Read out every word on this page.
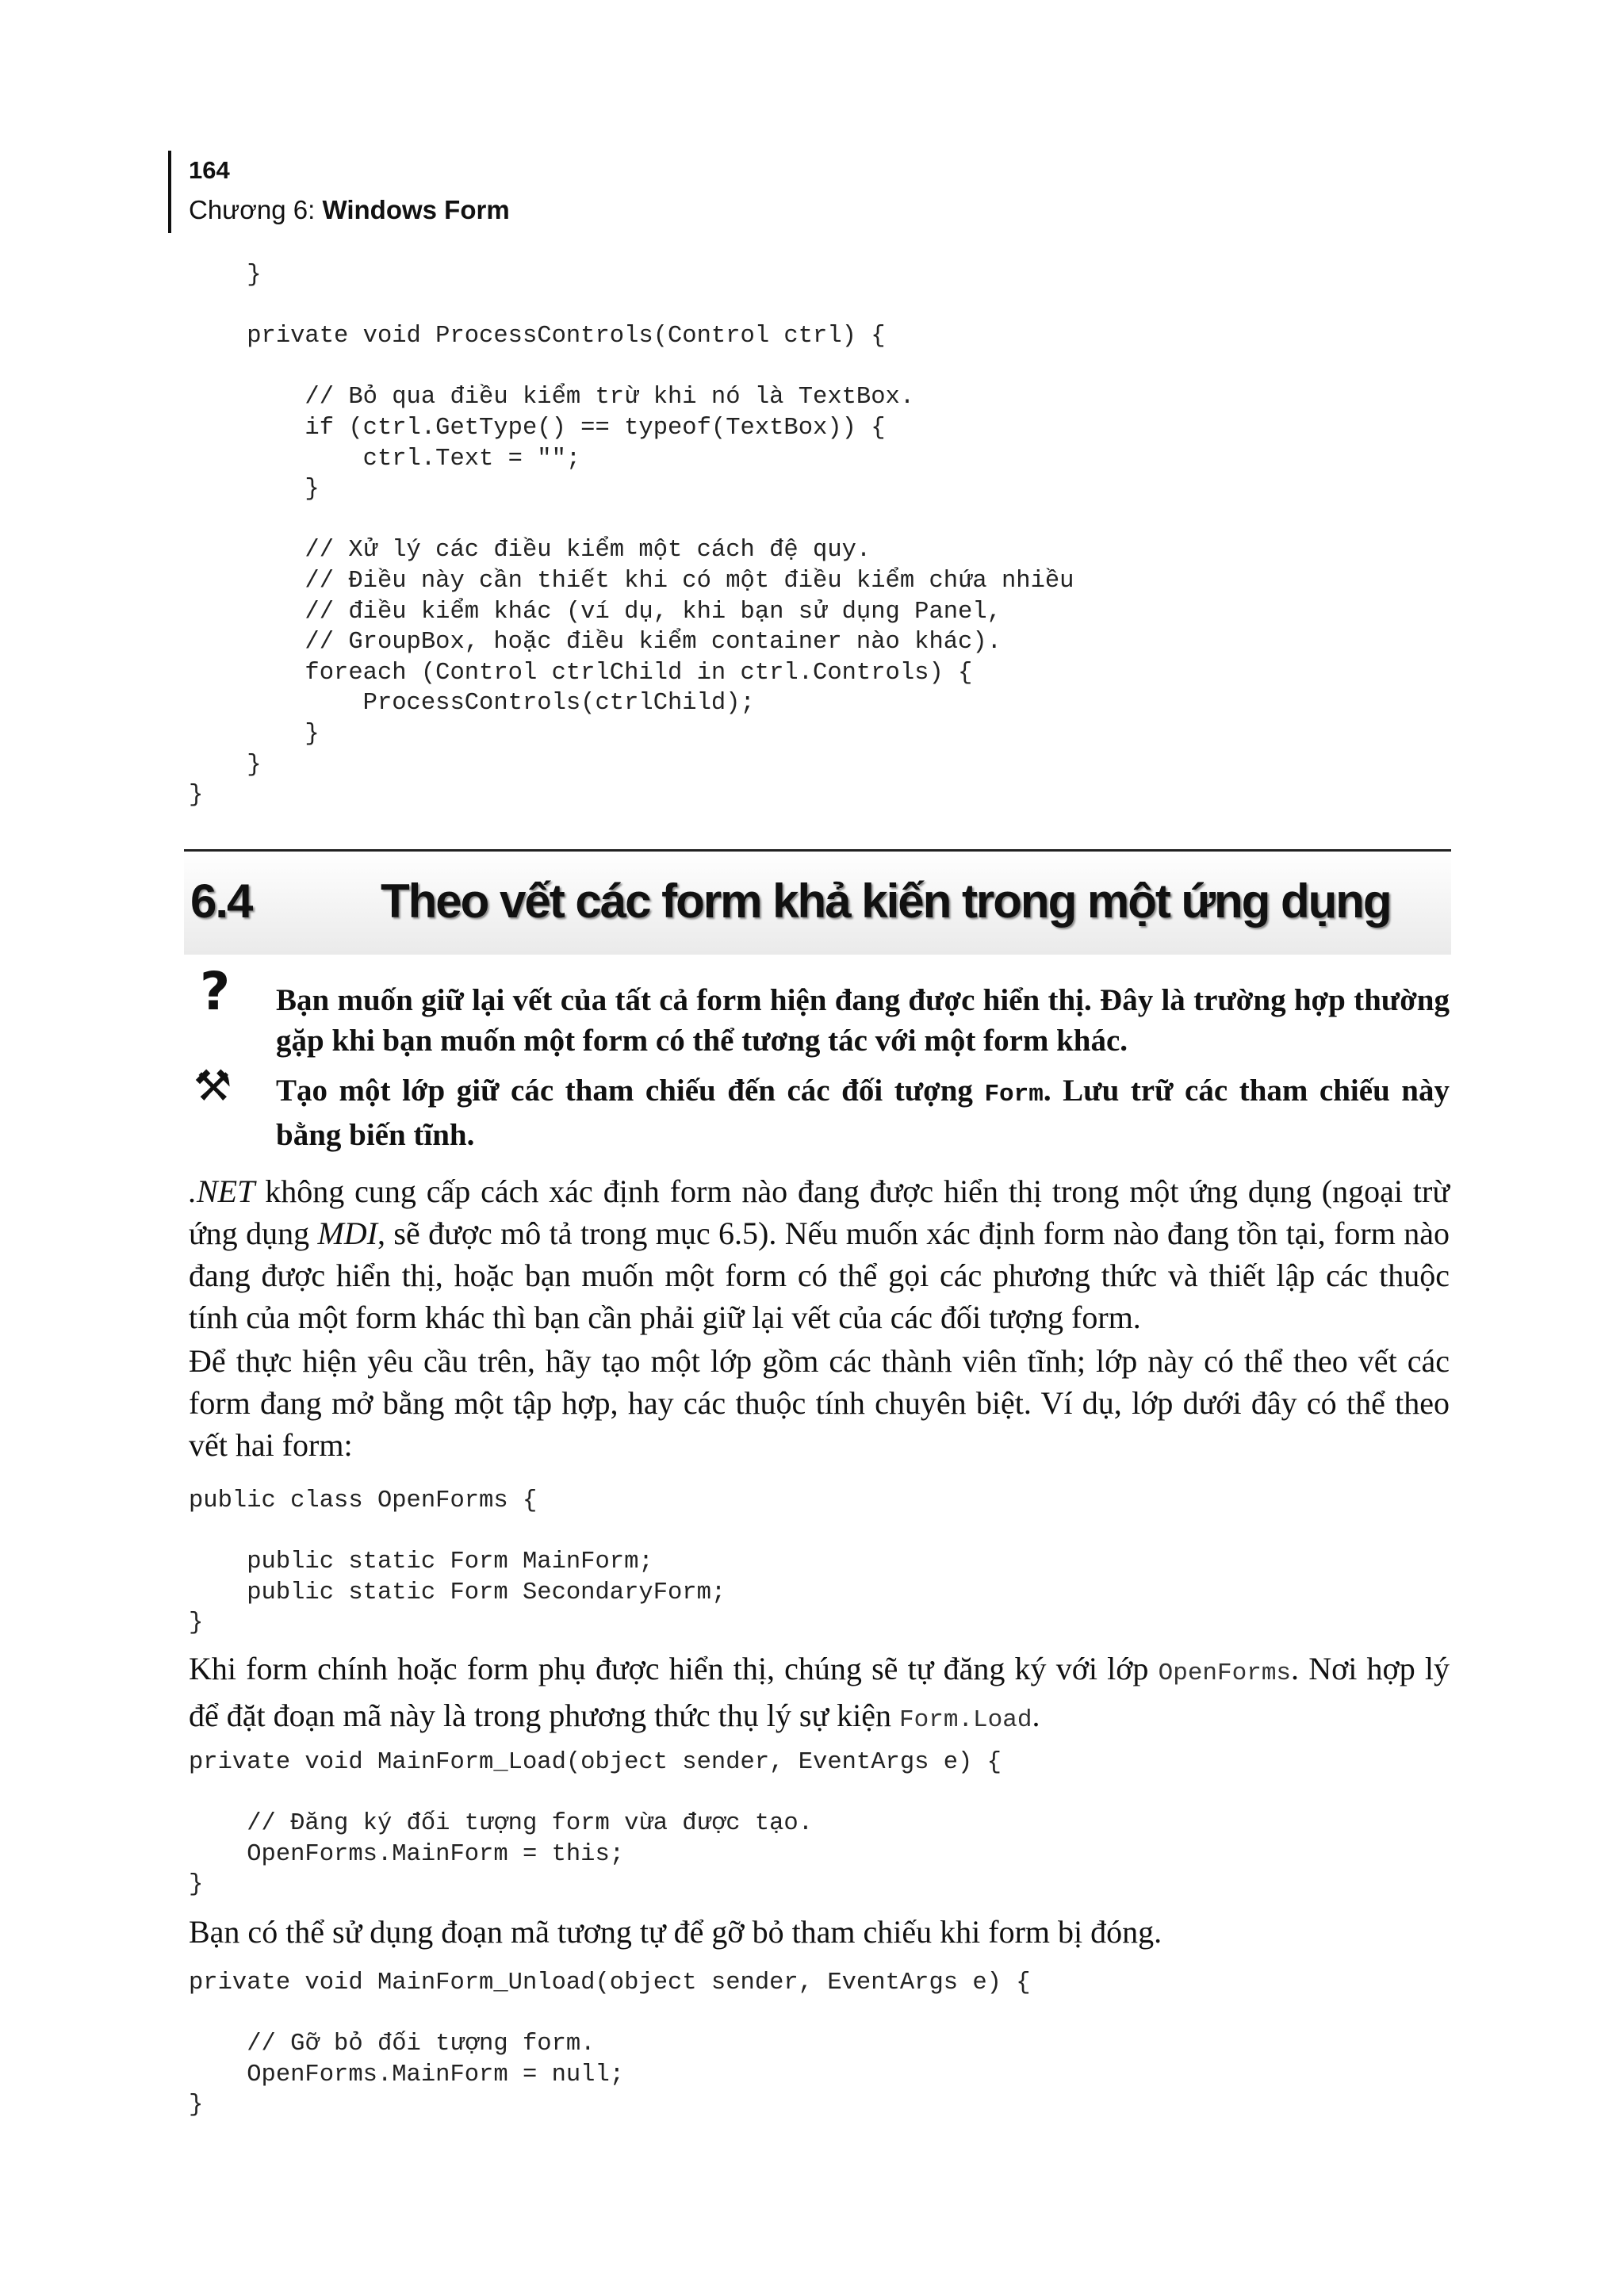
164
Chương 6: Windows Form
}

private void ProcessControls(Control ctrl) {

// Bỏ qua điều kiểm trừ khi nó là TextBox.
if (ctrl.GetType() == typeof(TextBox)) {
ctrl.Text = "";
}

// Xử lý các điều kiểm một cách đệ quy.
// Điều này cần thiết khi có một điều kiểm chứa nhiều
// điều kiểm khác (ví dụ, khi bạn sử dụng Panel,
// GroupBox, hoặc điều kiểm container nào khác).
foreach (Control ctrlChild in ctrl.Controls) {
ProcessControls(ctrlChild);
}
}
}
6.4	Theo vết các form khả kiến trong một ứng dụng
? Bạn muốn giữ lại vết của tất cả form hiện đang được hiển thị. Đây là trường hợp thường gặp khi bạn muốn một form có thể tương tác với một form khác.
⚒ Tạo một lớp giữ các tham chiếu đến các đối tượng Form. Lưu trữ các tham chiếu này bằng biến tĩnh.

.NET không cung cấp cách xác định form nào đang được hiển thị trong một ứng dụng (ngoại trừ ứng dụng MDI, sẽ được mô tả trong mục 6.5). Nếu muốn xác định form nào đang tồn tại, form nào đang được hiển thị, hoặc bạn muốn một form có thể gọi các phương thức và thiết lập các thuộc tính của một form khác thì bạn cần phải giữ lại vết của các đối tượng form.

Để thực hiện yêu cầu trên, hãy tạo một lớp gồm các thành viên tĩnh; lớp này có thể theo vết các form đang mở bằng một tập hợp, hay các thuộc tính chuyên biệt. Ví dụ, lớp dưới đây có thể theo vết hai form:

public class OpenForms {

public static Form MainForm;
public static Form SecondaryForm;
}

Khi form chính hoặc form phụ được hiển thị, chúng sẽ tự đăng ký với lớp OpenForms. Nơi hợp lý để đặt đoạn mã này là trong phương thức thụ lý sự kiện Form.Load.

private void MainForm_Load(object sender, EventArgs e) {

// Đăng ký đối tượng form vừa được tạo.
OpenForms.MainForm = this;
}

Bạn có thể sử dụng đoạn mã tương tự để gỡ bỏ tham chiếu khi form bị đóng.

private void MainForm_Unload(object sender, EventArgs e) {

// Gỡ bỏ đối tượng form.
OpenForms.MainForm = null;
}
